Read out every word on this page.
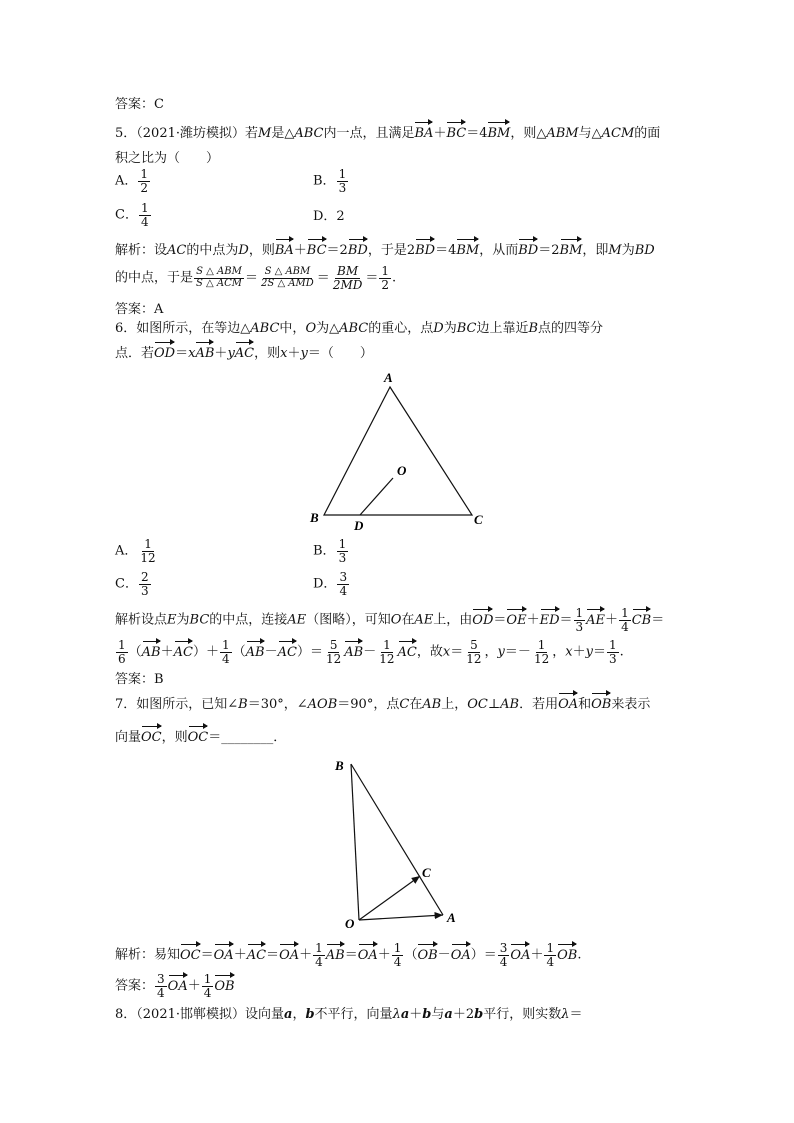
答案：C
5．（2021·潍坊模拟）若M是△ABC内一点，且满足BA＋BC＝4BM，则△ABM与△ACM的面
积之比为（　　）
A． $\frac{1}{2}$	B． $\frac{1}{3}$
C． $\frac{1}{4}$	D．2
解析：设AC的中点为D，则BA＋BC＝2BD，于是2BD＝4BM，从而BD＝2BM，即M为BD
的中点，于是 $\frac{\text{S △ ABM}}{\text{S △ ACM}} = \frac{\text{S △ ABM}}{\text{2S △ AMD}} = \frac{BM}{2MD} = \frac{1}{2}$ .
答案：A
6．如图所示，在等边△ABC中，O为△ABC的重心，点D为BC边上靠近B点的四等分
点．若OD＝xAB＋yAC，则x＋y＝（　　）
A
B	C
D
O
A． $\frac{1}{12}$	B． $\frac{1}{3}$
C． $\frac{2}{3}$	D． $\frac{3}{4}$
解析设点E为BC的中点，连接AE（图略），可知O在AE上，由$OD=OE+ED= \frac{1}{3} AE+ \frac{1}{4} CB=$
$\frac{1}{6} (AB+AC)+ \frac{1}{4} (AB-AC)= \frac{5}{12} AB- \frac{1}{12}$ AC，故$x= \frac{5}{12}$ ，$y=- \frac{1}{12}$ ，$x+y= \frac{1}{3}$ .
答案：B
7．如图所示，已知∠B＝30°，∠AOB＝90°，点C在AB上，OC⊥AB．若用OA和OB来表示
向量OC，则OC＝________．
B
C
O	A
解析：易知$OC=OA+AC=OA+ \frac{1}{4} AB=OA+ \frac{1}{4} (OB-OA)= \frac{3}{4} OA+ \frac{1}{4}$ OB.
答案： $\frac{3}{4} OA+ \frac{1}{4}$ OB
8．（2021·邯郸模拟）设向量a，b不平行，向量λa＋b与a＋2b平行，则实数λ＝
